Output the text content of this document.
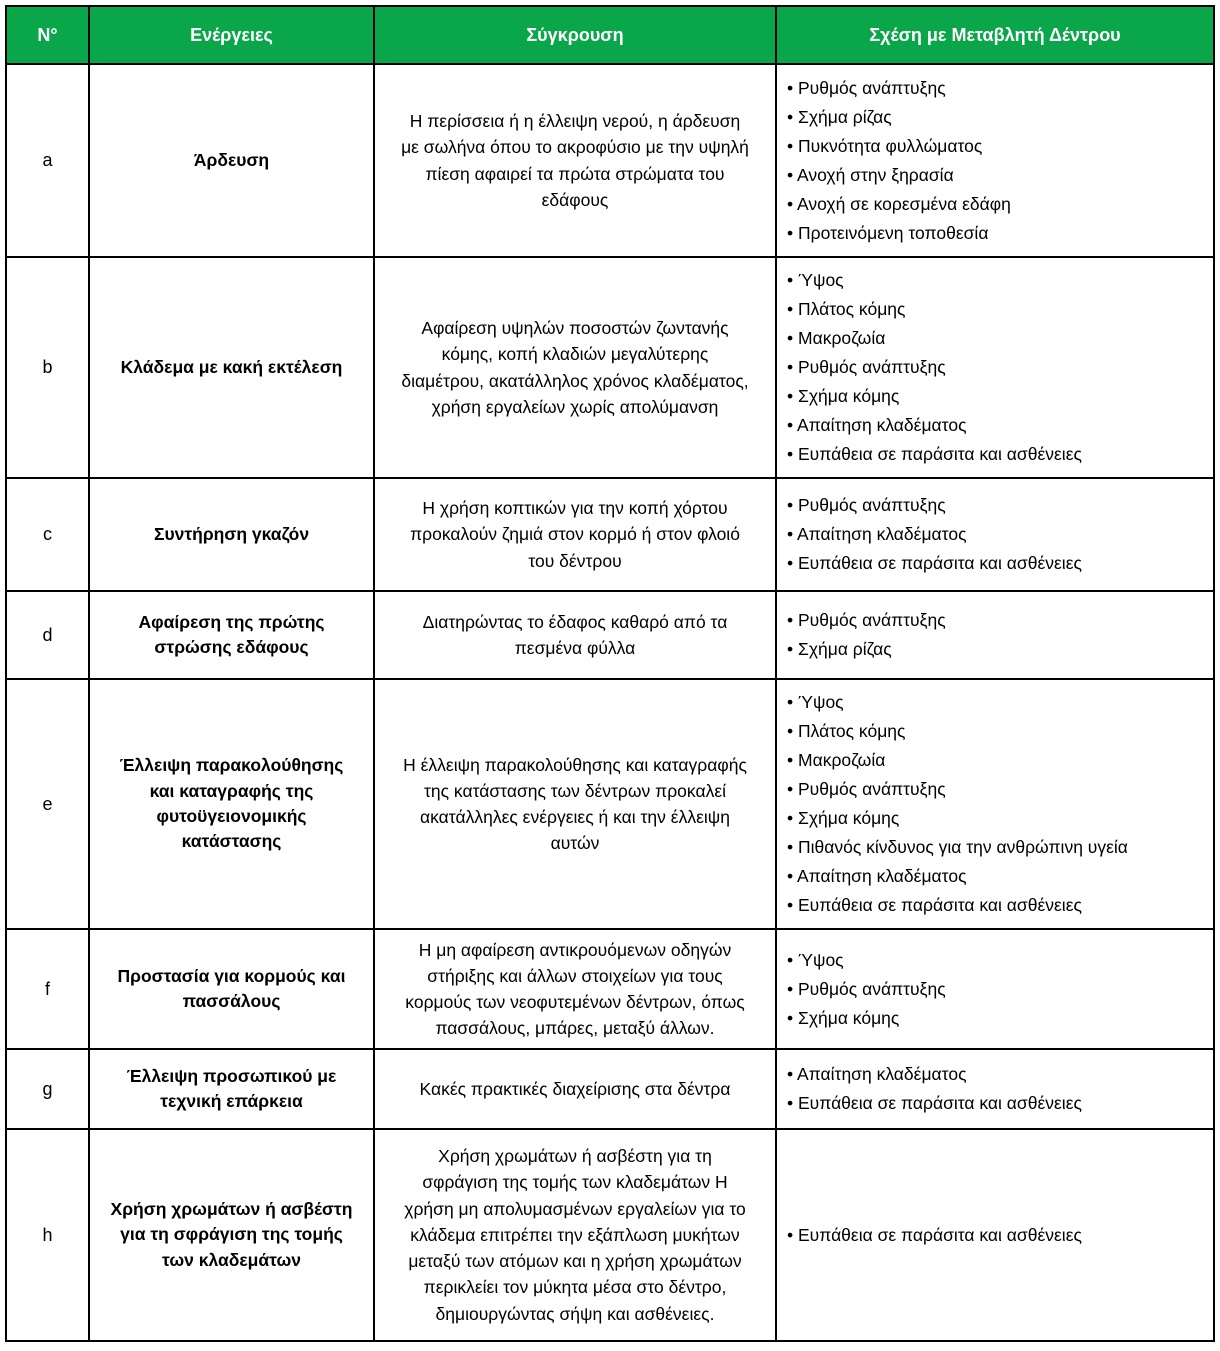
N°	Ενέργειες	Σύγκρουση	Σχέση με Μεταβλητή Δέντρου
a	Άρδευση	Η περίσσεια ή η έλλειψη νερού, η άρδευση με σωλήνα όπου το ακροφύσιο με την υψηλή πίεση αφαιρεί τα πρώτα στρώματα του εδάφους	
• Ρυθμός ανάπτυξης
• Σχήμα ρίζας
• Πυκνότητα φυλλώματος
• Ανοχή στην ξηρασία
• Ανοχή σε κορεσμένα εδάφη
• Προτεινόμενη τοποθεσία

b	Κλάδεμα με κακή εκτέλεση	Αφαίρεση υψηλών ποσοστών ζωντανής κόμης, κοπή κλαδιών μεγαλύτερης διαμέτρου, ακατάλληλος χρόνος κλαδέματος, χρήση εργαλείων χωρίς απολύμανση	
• Ύψος
• Πλάτος κόμης
• Μακροζωία
• Ρυθμός ανάπτυξης
• Σχήμα κόμης
• Απαίτηση κλαδέματος
• Ευπάθεια σε παράσιτα και ασθένειες

c	Συντήρηση γκαζόν	Η χρήση κοπτικών για την κοπή χόρτου προκαλούν ζημιά στον κορμό ή στον φλοιό του δέντρου	
• Ρυθμός ανάπτυξης
• Απαίτηση κλαδέματος
• Ευπάθεια σε παράσιτα και ασθένειες

d	Αφαίρεση της πρώτης στρώσης εδάφους	Διατηρώντας το έδαφος καθαρό από τα πεσμένα φύλλα	
• Ρυθμός ανάπτυξης
• Σχήμα ρίζας

e	Έλλειψη παρακολούθησης και καταγραφής της φυτοϋγειονομικής κατάστασης	Η έλλειψη παρακολούθησης και καταγραφής της κατάστασης των δέντρων προκαλεί ακατάλληλες ενέργειες ή και την έλλειψη αυτών	
• Ύψος
• Πλάτος κόμης
• Μακροζωία
• Ρυθμός ανάπτυξης
• Σχήμα κόμης
• Πιθανός κίνδυνος για την ανθρώπινη υγεία
• Απαίτηση κλαδέματος
• Ευπάθεια σε παράσιτα και ασθένειες

f	Προστασία για κορμούς και πασσάλους	Η μη αφαίρεση αντικρουόμενων οδηγών στήριξης και άλλων στοιχείων για τους κορμούς των νεοφυτεμένων δέντρων, όπως πασσάλους, μπάρες, μεταξύ άλλων.	
• Ύψος
• Ρυθμός ανάπτυξης
• Σχήμα κόμης

g	Έλλειψη προσωπικού με τεχνική επάρκεια	Κακές πρακτικές διαχείρισης στα δέντρα	
• Απαίτηση κλαδέματος
• Ευπάθεια σε παράσιτα και ασθένειες

h	Χρήση χρωμάτων ή ασβέστη για τη σφράγιση της τομής των κλαδεμάτων	Χρήση χρωμάτων ή ασβέστη για τη σφράγιση της τομής των κλαδεμάτων Η χρήση μη απολυμασμένων εργαλείων για το κλάδεμα επιτρέπει την εξάπλωση μυκήτων μεταξύ των ατόμων και η χρήση χρωμάτων περικλείει τον μύκητα μέσα στο δέντρο, δημιουργώντας σήψη και ασθένειες.	
• Ευπάθεια σε παράσιτα και ασθένειες
